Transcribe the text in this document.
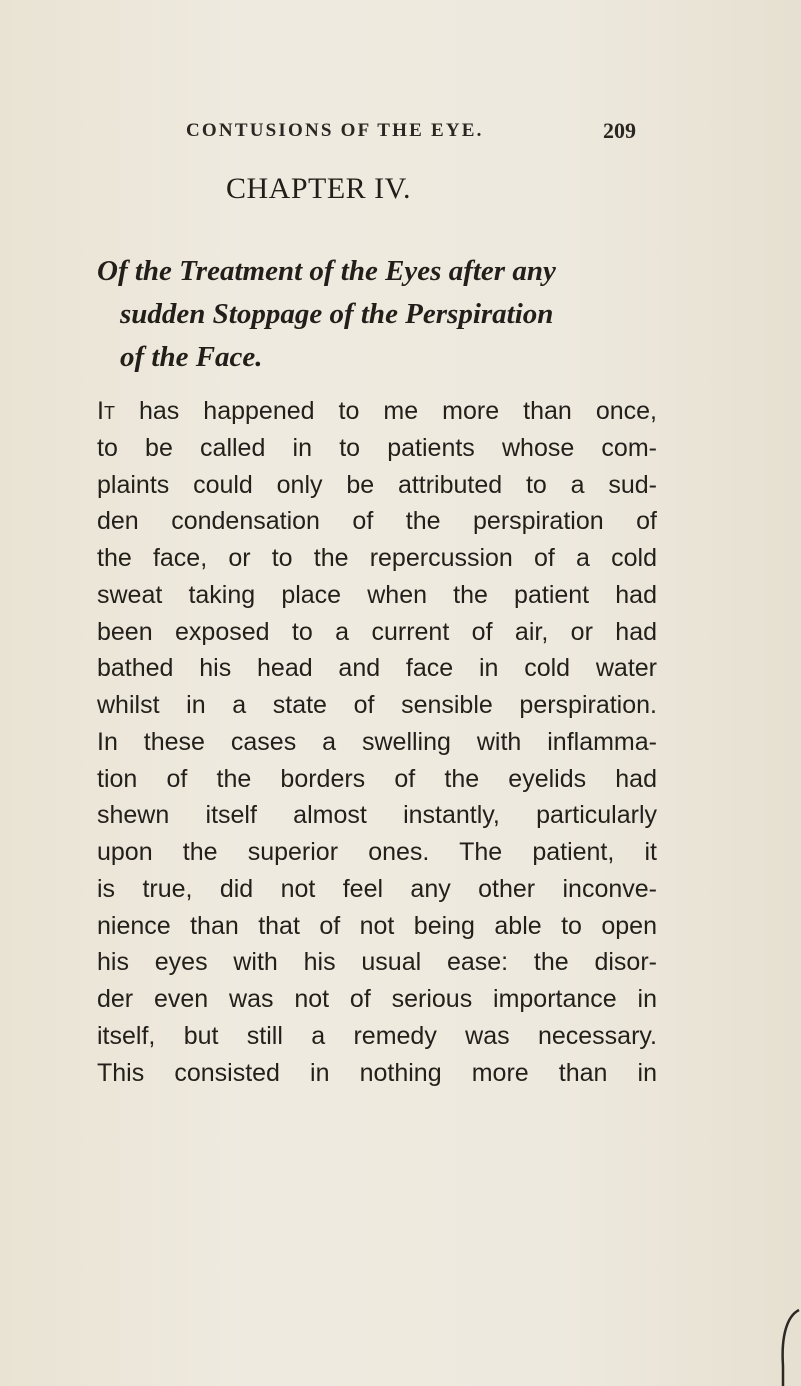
CONTUSIONS OF THE EYE.	209
CHAPTER IV.
Of the Treatment of the Eyes after any
sudden Stoppage of the Perspiration
of the Face.
It has happened to me more than once,
to be called in to patients whose com-
plaints could only be attributed to a sud-
den condensation of the perspiration of
the face, or to the repercussion of a cold
sweat taking place when the patient had
been exposed to a current of air, or had
bathed his head and face in cold water
whilst in a state of sensible perspiration.
In these cases a swelling with inflamma-
tion of the borders of the eyelids had
shewn itself almost instantly, particularly
upon the superior ones. The patient, it
is true, did not feel any other inconve-
nience than that of not being able to open
his eyes with his usual ease: the disor-
der even was not of serious importance in
itself, but still a remedy was necessary.
This consisted in nothing more than in
